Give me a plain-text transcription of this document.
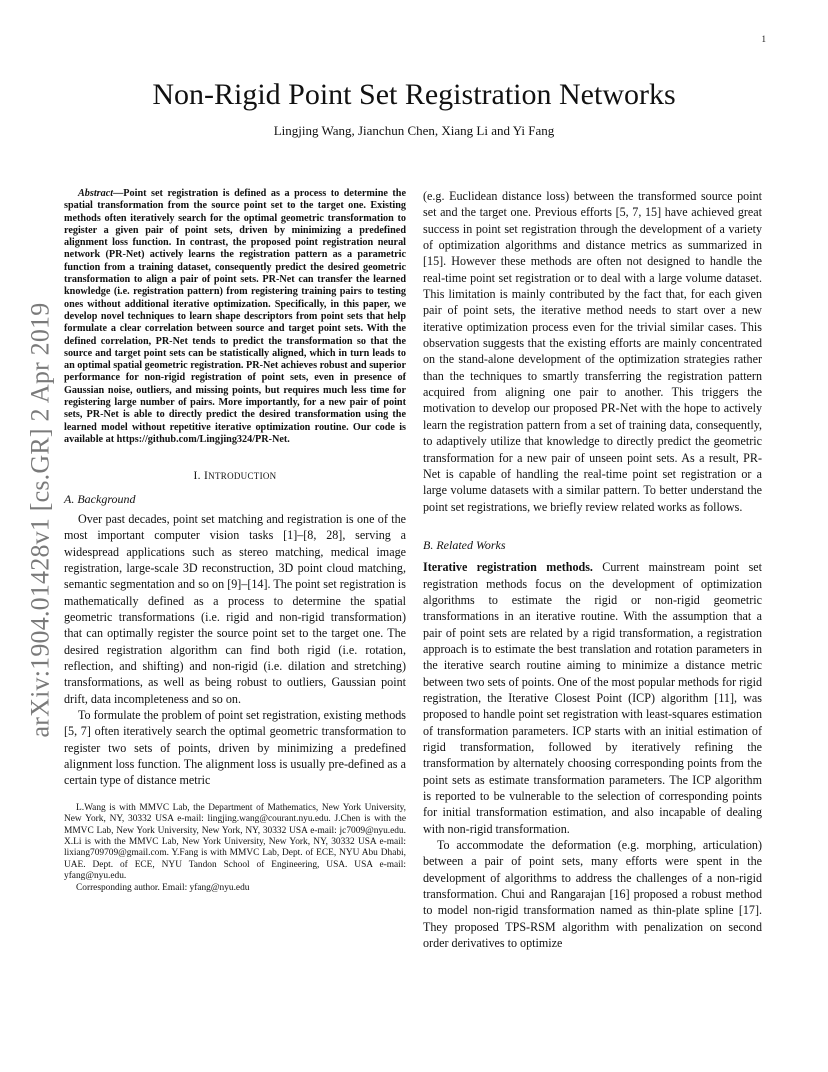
1
arXiv:1904.01428v1 [cs.GR] 2 Apr 2019
Non-Rigid Point Set Registration Networks
Lingjing Wang, Jianchun Chen, Xiang Li and Yi Fang

Abstract—Point set registration is defined as a process to determine the spatial transformation from the source point set to the target one. Existing methods often iteratively search for the optimal geometric transformation to register a given pair of point sets, driven by minimizing a predefined alignment loss function. In contrast, the proposed point registration neural network (PR-Net) actively learns the registration pattern as a parametric function from a training dataset, consequently predict the desired geometric transformation to align a pair of point sets. PR-Net can transfer the learned knowledge (i.e. registration pattern) from registering training pairs to testing ones without additional iterative optimization. Specifically, in this paper, we develop novel techniques to learn shape descriptors from point sets that help formulate a clear correlation between source and target point sets. With the defined correlation, PR-Net tends to predict the transformation so that the source and target point sets can be statistically aligned, which in turn leads to an optimal spatial geometric registration. PR-Net achieves robust and superior performance for non-rigid registration of point sets, even in presence of Gaussian noise, outliers, and missing points, but requires much less time for registering large number of pairs. More importantly, for a new pair of point sets, PR-Net is able to directly predict the desired transformation using the learned model without repetitive iterative optimization routine. Our code is available at https://github.com/Lingjing324/PR-Net.

I. INTRODUCTION
A. Background

Over past decades, point set matching and registration is one of the most important computer vision tasks [1]–[8, 28], serving a widespread applications such as stereo matching, medical image registration, large-scale 3D reconstruction, 3D point cloud matching, semantic segmentation and so on [9]–[14]. The point set registration is mathematically defined as a process to determine the spatial geometric transformations (i.e. rigid and non-rigid transformation) that can optimally register the source point set to the target one. The desired registration algorithm can find both rigid (i.e. rotation, reflection, and shifting) and non-rigid (i.e. dilation and stretching) transformations, as well as being robust to outliers, Gaussian point drift, data incompleteness and so on.

To formulate the problem of point set registration, existing methods [5, 7] often iteratively search the optimal geometric transformation to register two sets of points, driven by minimizing a predefined alignment loss function. The alignment loss is usually pre-defined as a certain type of distance metric

L.Wang is with MMVC Lab, the Department of Mathematics, New York University, New York, NY, 30332 USA e-mail: lingjing.wang@courant.nyu.edu. J.Chen is with the MMVC Lab, New York University, New York, NY, 30332 USA e-mail: jc7009@nyu.edu. X.Li is with the MMVC Lab, New York University, New York, NY, 30332 USA e-mail: lixiang709709@gmail.com. Y.Fang is with MMVC Lab, Dept. of ECE, NYU Abu Dhabi, UAE. Dept. of ECE, NYU Tandon School of Engineering, USA. USA e-mail: yfang@nyu.edu.

Corresponding author. Email: yfang@nyu.edu

(e.g. Euclidean distance loss) between the transformed source point set and the target one. Previous efforts [5, 7, 15] have achieved great success in point set registration through the development of a variety of optimization algorithms and distance metrics as summarized in [15]. However these methods are often not designed to handle the real-time point set registration or to deal with a large volume dataset. This limitation is mainly contributed by the fact that, for each given pair of point sets, the iterative method needs to start over a new iterative optimization process even for the trivial similar cases. This observation suggests that the existing efforts are mainly concentrated on the stand-alone development of the optimization strategies rather than the techniques to smartly transferring the registration pattern acquired from aligning one pair to another. This triggers the motivation to develop our proposed PR-Net with the hope to actively learn the registration pattern from a set of training data, consequently, to adaptively utilize that knowledge to directly predict the geometric transformation for a new pair of unseen point sets. As a result, PR-Net is capable of handling the real-time point set registration or a large volume datasets with a similar pattern. To better understand the point set registrations, we briefly review related works as follows.

B. Related Works

Iterative registration methods. Current mainstream point set registration methods focus on the development of optimization algorithms to estimate the rigid or non-rigid geometric transformations in an iterative routine. With the assumption that a pair of point sets are related by a rigid transformation, a registration approach is to estimate the best translation and rotation parameters in the iterative search routine aiming to minimize a distance metric between two sets of points. One of the most popular methods for rigid registration, the Iterative Closest Point (ICP) algorithm [11], was proposed to handle point set registration with least-squares estimation of transformation parameters. ICP starts with an initial estimation of rigid transformation, followed by iteratively refining the transformation by alternately choosing corresponding points from the point sets as estimate transformation parameters. The ICP algorithm is reported to be vulnerable to the selection of corresponding points for initial transformation estimation, and also incapable of dealing with non-rigid transformation.

To accommodate the deformation (e.g. morphing, articulation) between a pair of point sets, many efforts were spent in the development of algorithms to address the challenges of a non-rigid transformation. Chui and Rangarajan [16] proposed a robust method to model non-rigid transformation named as thin-plate spline [17]. They proposed TPS-RSM algorithm with penalization on second order derivatives to optimize
